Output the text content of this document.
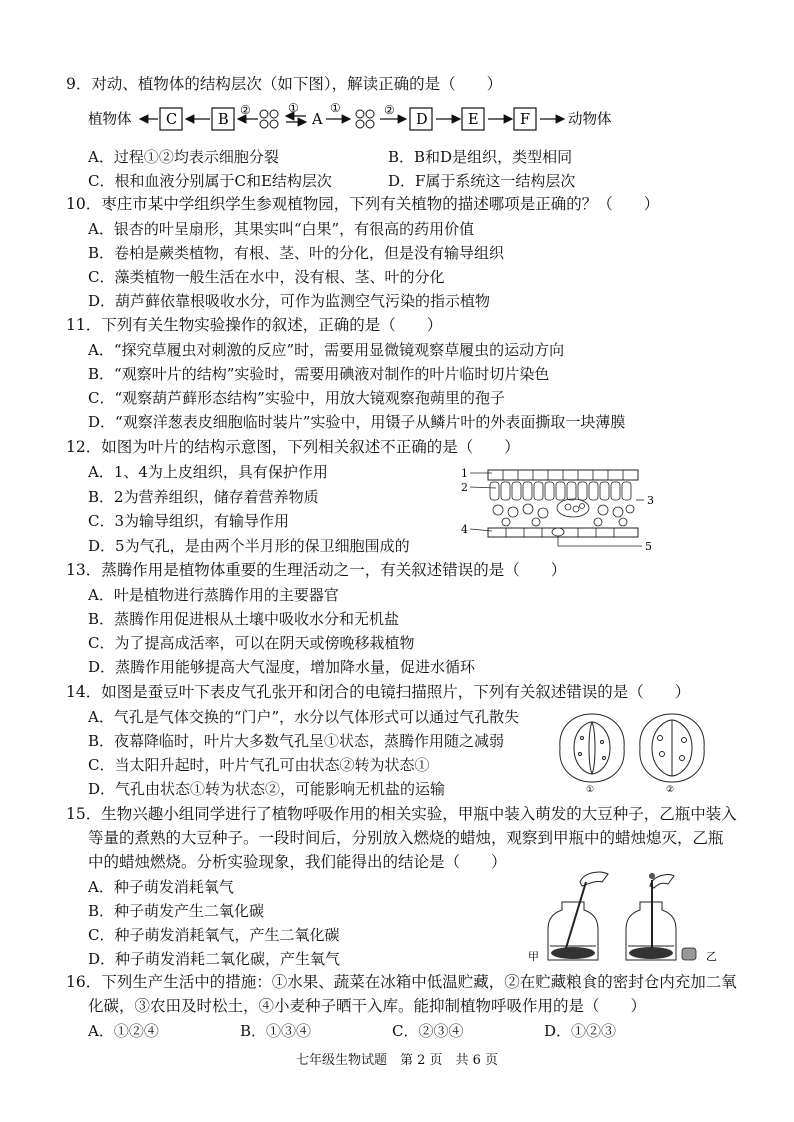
9．对动、植物体的结构层次（如下图），解读正确的是（　　）
植物体 C	B
②	①
A
①	②
D	E	F	动物体
A．过程①②均表示细胞分裂	B．B和D是组织，类型相同
C．根和血液分别属于C和E结构层次	D．F属于系统这一结构层次
10．枣庄市某中学组织学生参观植物园，下列有关植物的描述哪项是正确的？（　　）
A．银杏的叶呈扇形，其果实叫“白果”，有很高的药用价值
B．卷柏是蕨类植物，有根、茎、叶的分化，但是没有输导组织
C．藻类植物一般生活在水中，没有根、茎、叶的分化
D．葫芦藓依靠根吸收水分，可作为监测空气污染的指示植物
11．下列有关生物实验操作的叙述，正确的是（　　）
A．“探究草履虫对刺激的反应”时，需要用显微镜观察草履虫的运动方向
B．“观察叶片的结构”实验时，需要用碘液对制作的叶片临时切片染色
C．“观察葫芦藓形态结构”实验中，用放大镜观察孢蒴里的孢子
D．“观察洋葱表皮细胞临时装片”实验中，用镊子从鳞片叶的外表面撕取一块薄膜
12．如图为叶片的结构示意图，下列相关叙述不正确的是（　　）
A．1、4为上皮组织，具有保护作用
B．2为营养组织，储存着营养物质
C．3为输导组织，有输导作用
D．5为气孔，是由两个半月形的保卫细胞围成的
1
2
3
4
5
13．蒸腾作用是植物体重要的生理活动之一，有关叙述错误的是（　　）
A．叶是植物进行蒸腾作用的主要器官
B．蒸腾作用促进根从土壤中吸收水分和无机盐
C．为了提高成活率，可以在阴天或傍晚移栽植物
D．蒸腾作用能够提高大气湿度，增加降水量，促进水循环
14．如图是蚕豆叶下表皮气孔张开和闭合的电镜扫描照片，下列有关叙述错误的是（　　）
A．气孔是气体交换的“门户”，水分以气体形式可以通过气孔散失
B．夜幕降临时，叶片大多数气孔呈①状态，蒸腾作用随之减弱
C．当太阳升起时，叶片气孔可由状态②转为状态①
D．气孔由状态①转为状态②，可能影响无机盐的运输	①	②
15．生物兴趣小组同学进行了植物呼吸作用的相关实验，甲瓶中装入萌发的大豆种子，乙瓶中装入
等量的煮熟的大豆种子。一段时间后，分别放入燃烧的蜡烛，观察到甲瓶中的蜡烛熄灭，乙瓶
中的蜡烛燃烧。分析实验现象，我们能得出的结论是（　　）
A．种子萌发消耗氧气
B．种子萌发产生二氧化碳
C．种子萌发消耗氧气，产生二氧化碳
D．种子萌发消耗二氧化碳，产生氧气	甲	乙
16．下列生产生活中的措施：①水果、蔬菜在冰箱中低温贮藏，②在贮藏粮食的密封仓内充加二氧
化碳，③农田及时松土，④小麦种子晒干入库。能抑制植物呼吸作用的是（　　）
A．①②④	B．①③④	C．②③④	D．①②③
七年级生物试题　第 2 页　共 6 页
